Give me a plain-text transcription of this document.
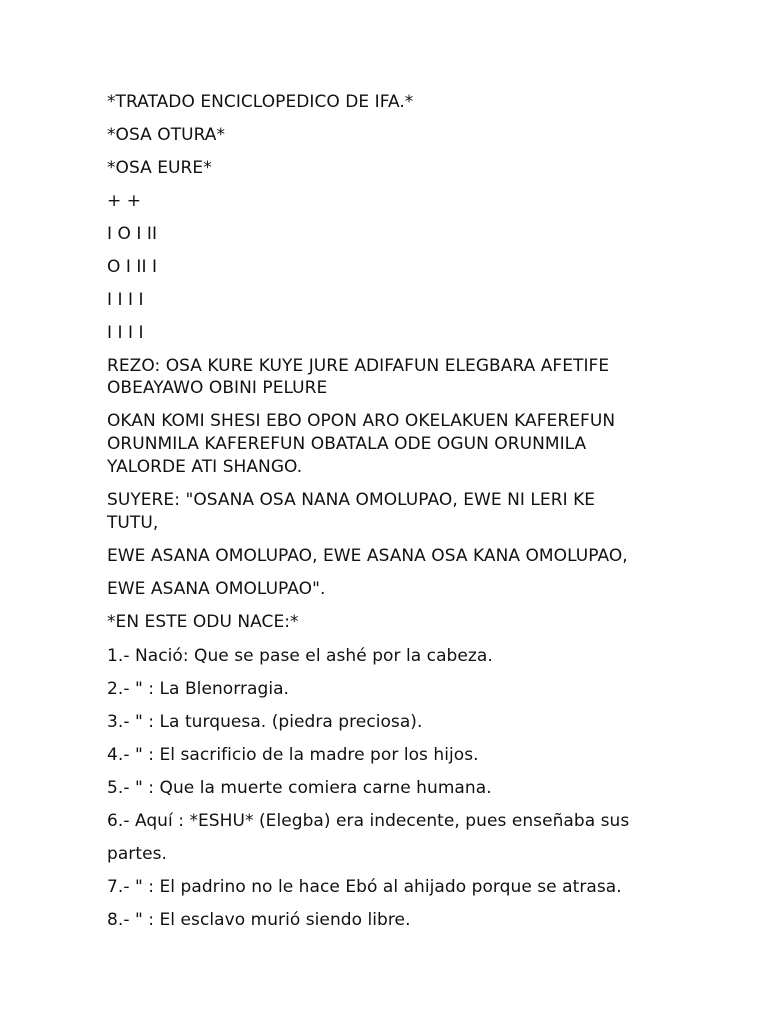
*TRATADO ENCICLOPEDICO DE IFA.*
*OSA OTURA*
*OSA EURE*
+ +
I O I II
O I II I
I I I I
I I I I
REZO: OSA KURE KUYE JURE ADIFAFUN ELEGBARA AFETIFE
OBEAYAWO OBINI PELURE
OKAN KOMI SHESI EBO OPON ARO OKELAKUEN KAFEREFUN
ORUNMILA KAFEREFUN OBATALA ODE OGUN ORUNMILA
YALORDE ATI SHANGO.
SUYERE: "OSANA OSA NANA OMOLUPAO, EWE NI LERI KE
TUTU,
EWE ASANA OMOLUPAO, EWE ASANA OSA KANA OMOLUPAO,
EWE ASANA OMOLUPAO".
*EN ESTE ODU NACE:*
1.- Nació: Que se pase el ashé por la cabeza.
2.- " : La Blenorragia.
3.- " : La turquesa. (piedra preciosa).
4.- " : El sacrificio de la madre por los hijos.
5.- " : Que la muerte comiera carne humana.
6.- Aquí : *ESHU* (Elegba) era indecente, pues enseñaba sus
partes.
7.- " : El padrino no le hace Ebó al ahijado porque se atrasa.
8.- " : El esclavo murió siendo libre.
